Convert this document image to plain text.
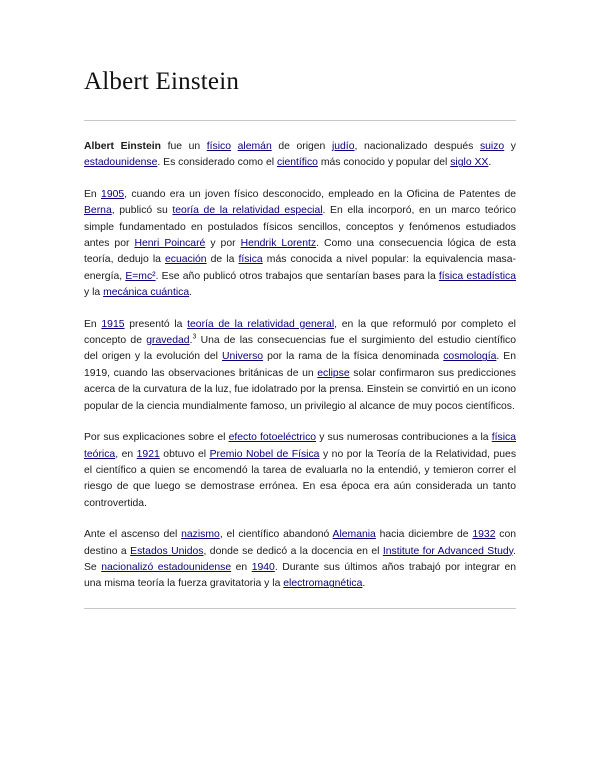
Albert Einstein

Albert Einstein fue un físico alemán de origen judío, nacionalizado después suizo y estadounidense. Es considerado como el científico más conocido y popular del siglo XX.

En 1905, cuando era un joven físico desconocido, empleado en la Oficina de Patentes de Berna, publicó su teoría de la relatividad especial. En ella incorporó, en un marco teórico simple fundamentado en postulados físicos sencillos, conceptos y fenómenos estudiados antes por Henri Poincaré y por Hendrik Lorentz. Como una consecuencia lógica de esta teoría, dedujo la ecuación de la física más conocida a nivel popular: la equivalencia masa-energía, E=mc². Ese año publicó otros trabajos que sentarían bases para la física estadística y la mecánica cuántica.

En 1915 presentó la teoría de la relatividad general, en la que reformuló por completo el concepto de gravedad.$^3$ Una de las consecuencias fue el surgimiento del estudio científico del origen y la evolución del Universo por la rama de la física denominada cosmología. En 1919, cuando las observaciones británicas de un eclipse solar confirmaron sus predicciones acerca de la curvatura de la luz, fue idolatrado por la prensa. Einstein se convirtió en un icono popular de la ciencia mundialmente famoso, un privilegio al alcance de muy pocos científicos.

Por sus explicaciones sobre el efecto fotoeléctrico y sus numerosas contribuciones a la física teórica, en 1921 obtuvo el Premio Nobel de Física y no por la Teoría de la Relatividad, pues el científico a quien se encomendó la tarea de evaluarla no la entendió, y temieron correr el riesgo de que luego se demostrase errónea. En esa época era aún considerada un tanto controvertida.

Ante el ascenso del nazismo, el científico abandonó Alemania hacia diciembre de 1932 con destino a Estados Unidos, donde se dedicó a la docencia en el Institute for Advanced Study. Se nacionalizó estadounidense en 1940. Durante sus últimos años trabajó por integrar en una misma teoría la fuerza gravitatoria y la electromagnética.
